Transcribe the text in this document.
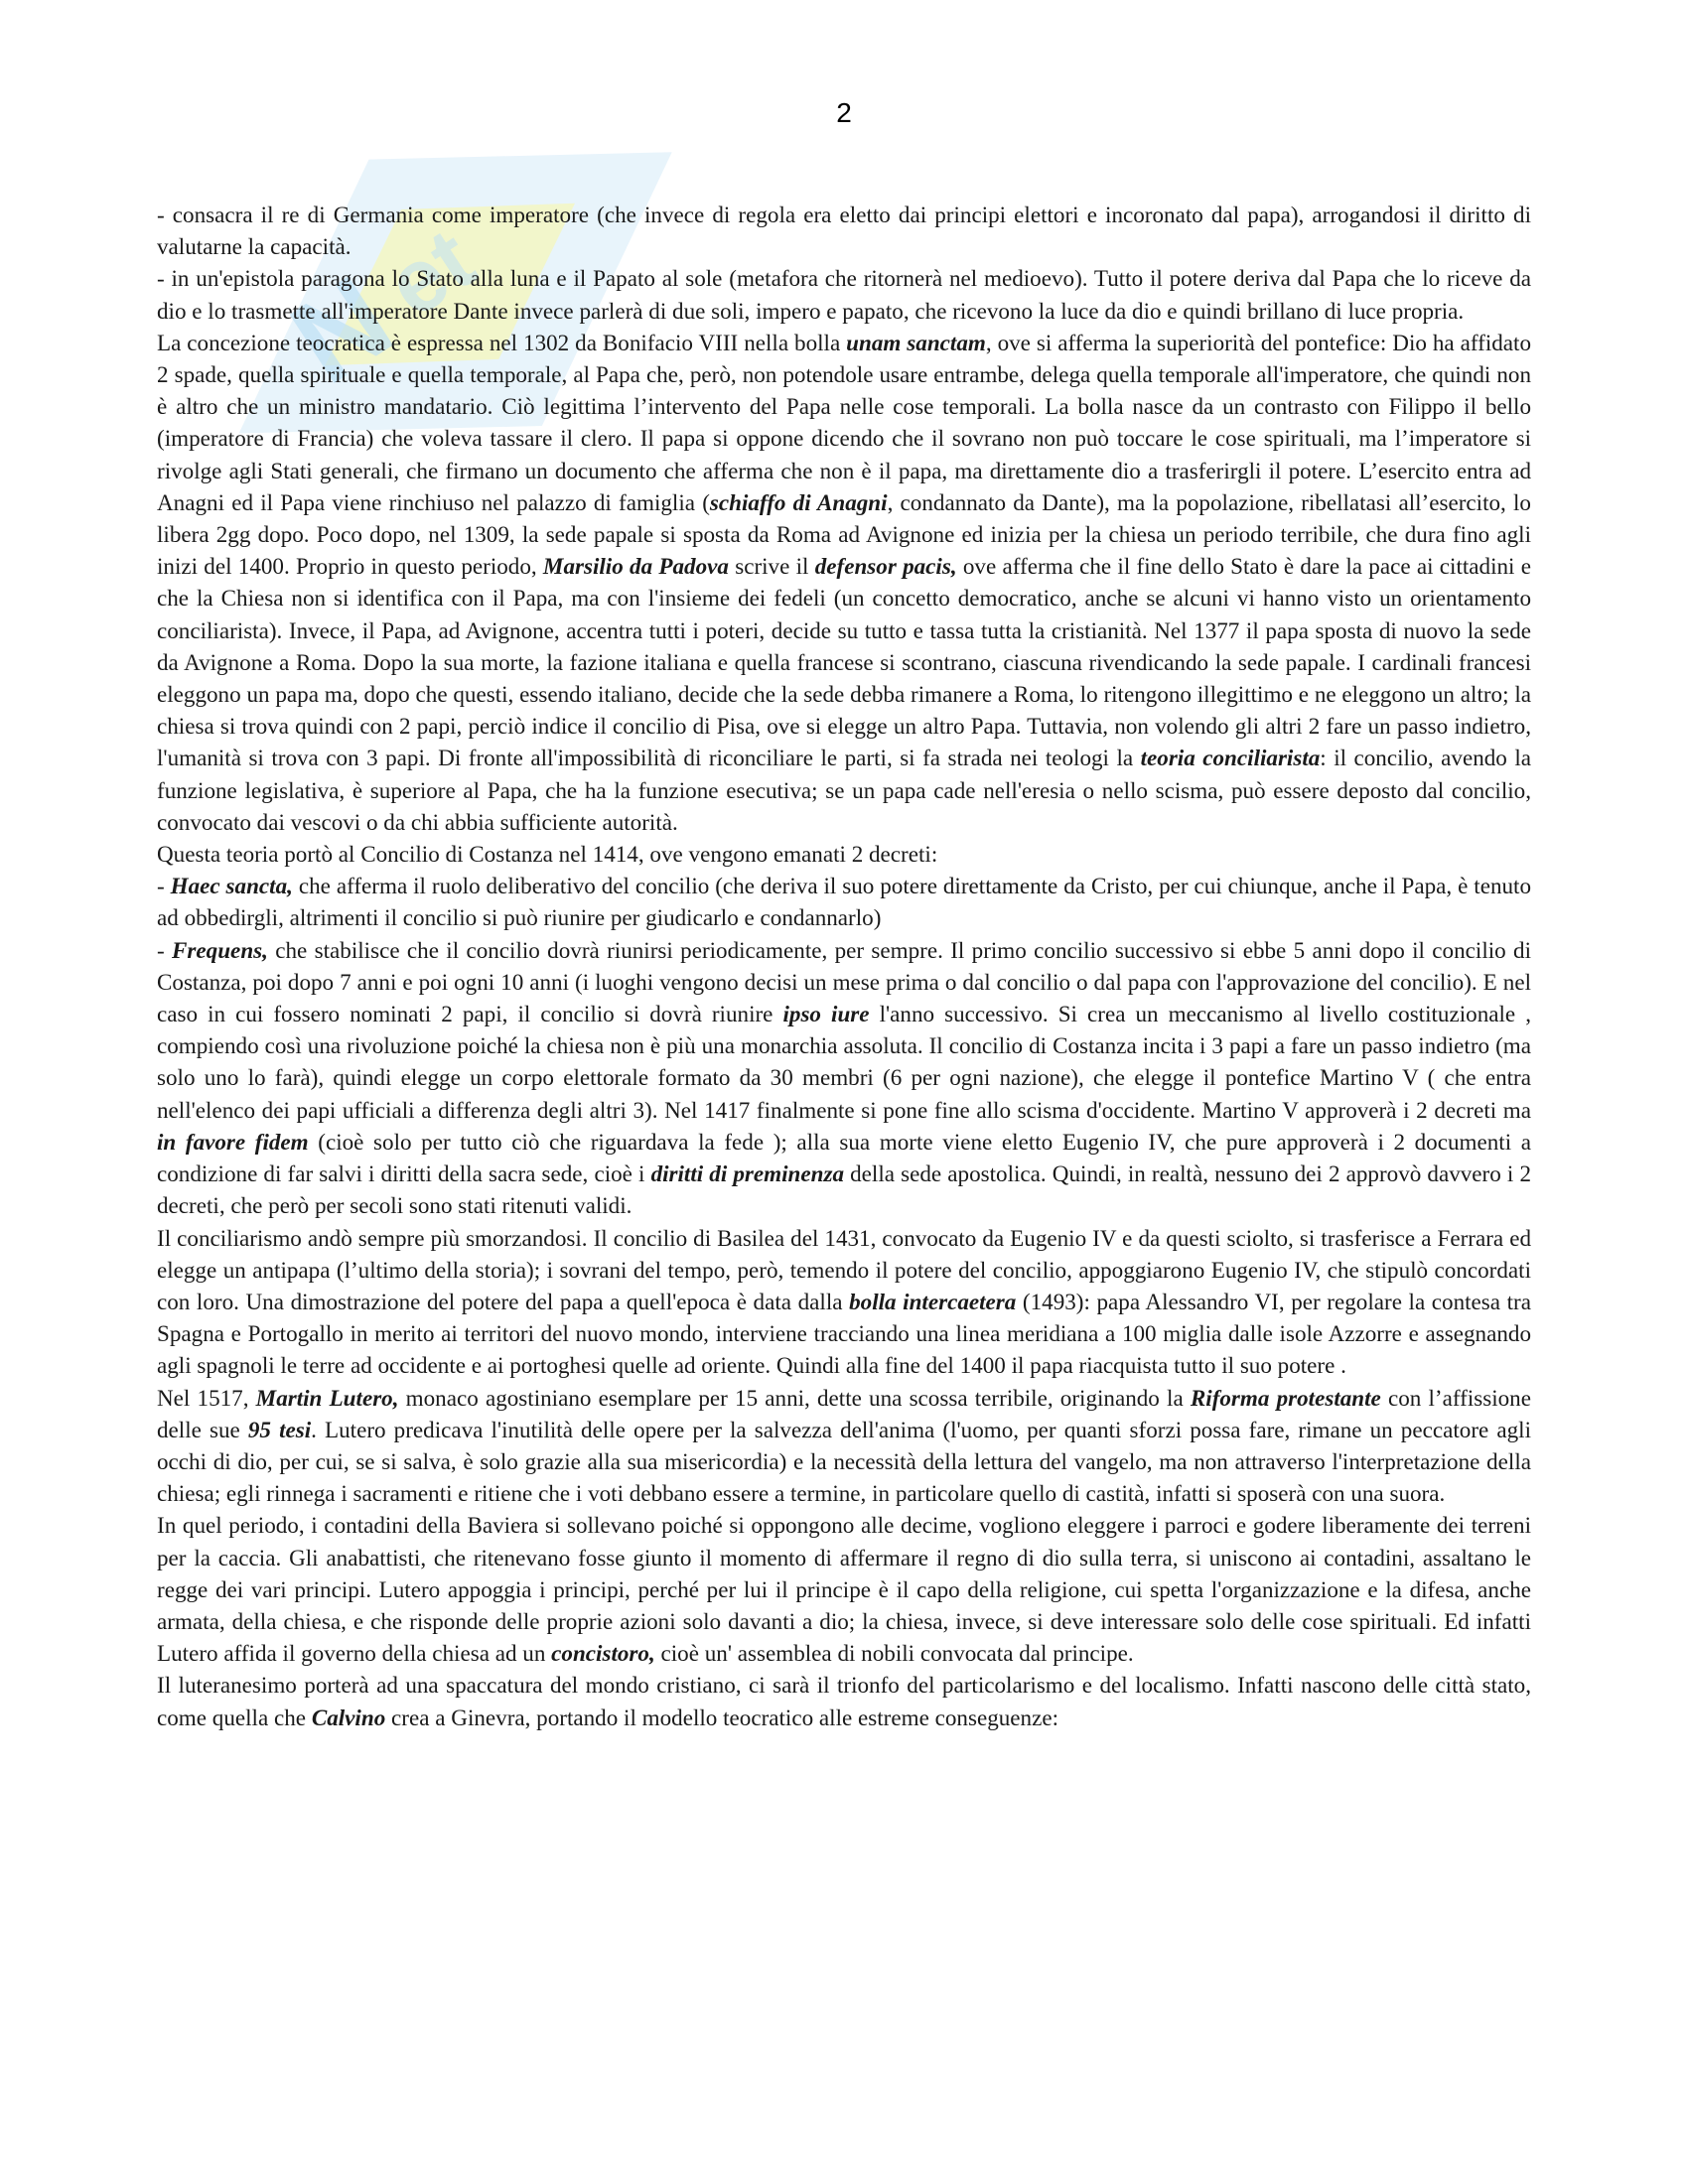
N
et
2

- consacra il re di Germania come imperatore (che invece di regola era eletto dai principi elettori e incoronato dal papa), arrogandosi il diritto di valutarne la capacità.

- in un'epistola paragona lo Stato alla luna e il Papato al sole (metafora che ritornerà nel medioevo). Tutto il potere deriva dal Papa che lo riceve da dio e lo trasmette all'imperatore Dante invece parlerà di due soli, impero e papato, che ricevono la luce da dio e quindi brillano di luce propria.

La concezione teocratica è espressa nel 1302 da Bonifacio VIII nella bolla unam sanctam, ove si afferma la superiorità del pontefice: Dio ha affidato 2 spade, quella spirituale e quella temporale, al Papa che, però, non potendole usare entrambe, delega quella temporale all'imperatore, che quindi non è altro che un ministro mandatario. Ciò legittima l’intervento del Papa nelle cose temporali. La bolla nasce da un contrasto con Filippo il bello (imperatore di Francia) che voleva tassare il clero. Il papa si oppone dicendo che il sovrano non può toccare le cose spirituali, ma l’imperatore si rivolge agli Stati generali, che firmano un documento che afferma che non è il papa, ma direttamente dio a trasferirgli il potere. L’esercito entra ad Anagni ed il Papa viene rinchiuso nel palazzo di famiglia (schiaffo di Anagni, condannato da Dante), ma la popolazione, ribellatasi all’esercito, lo libera 2gg dopo. Poco dopo, nel 1309, la sede papale si sposta da Roma ad Avignone ed inizia per la chiesa un periodo terribile, che dura fino agli inizi del 1400. Proprio in questo periodo, Marsilio da Padova scrive il defensor pacis, ove afferma che il fine dello Stato è dare la pace ai cittadini e che la Chiesa non si identifica con il Papa, ma con l'insieme dei fedeli (un concetto democratico, anche se alcuni vi hanno visto un orientamento conciliarista). Invece, il Papa, ad Avignone, accentra tutti i poteri, decide su tutto e tassa tutta la cristianità. Nel 1377 il papa sposta di nuovo la sede da Avignone a Roma. Dopo la sua morte, la fazione italiana e quella francese si scontrano, ciascuna rivendicando la sede papale. I cardinali francesi eleggono un papa ma, dopo che questi, essendo italiano, decide che la sede debba rimanere a Roma, lo ritengono illegittimo e ne eleggono un altro; la chiesa si trova quindi con 2 papi, perciò indice il concilio di Pisa, ove si elegge un altro Papa. Tuttavia, non volendo gli altri 2 fare un passo indietro, l'umanità si trova con 3 papi. Di fronte all'impossibilità di riconciliare le parti, si fa strada nei teologi la teoria conciliarista: il concilio, avendo la funzione legislativa, è superiore al Papa, che ha la funzione esecutiva; se un papa cade nell'eresia o nello scisma, può essere deposto dal concilio, convocato dai vescovi o da chi abbia sufficiente autorità.

Questa teoria portò al Concilio di Costanza nel 1414, ove vengono emanati 2 decreti:

- Haec sancta, che afferma il ruolo deliberativo del concilio (che deriva il suo potere direttamente da Cristo, per cui chiunque, anche il Papa, è tenuto ad obbedirgli, altrimenti il concilio si può riunire per giudicarlo e condannarlo)

- Frequens, che stabilisce che il concilio dovrà riunirsi periodicamente, per sempre. Il primo concilio successivo si ebbe 5 anni dopo il concilio di Costanza, poi dopo 7 anni e poi ogni 10 anni (i luoghi vengono decisi un mese prima o dal concilio o dal papa con l'approvazione del concilio). E nel caso in cui fossero nominati 2 papi, il concilio si dovrà riunire ipso iure l'anno successivo. Si crea un meccanismo al livello costituzionale , compiendo così una rivoluzione poiché la chiesa non è più una monarchia assoluta. Il concilio di Costanza incita i 3 papi a fare un passo indietro (ma solo uno lo farà), quindi elegge un corpo elettorale formato da 30 membri (6 per ogni nazione), che elegge il pontefice Martino V ( che entra nell'elenco dei papi ufficiali a differenza degli altri 3). Nel 1417 finalmente si pone fine allo scisma d'occidente. Martino V approverà i 2 decreti ma in favore fidem (cioè solo per tutto ciò che riguardava la fede ); alla sua morte viene eletto Eugenio IV, che pure approverà i 2 documenti a condizione di far salvi i diritti della sacra sede, cioè i diritti di preminenza della sede apostolica. Quindi, in realtà, nessuno dei 2 approvò davvero i 2 decreti, che però per secoli sono stati ritenuti validi.

Il conciliarismo andò sempre più smorzandosi. Il concilio di Basilea del 1431, convocato da Eugenio IV e da questi sciolto, si trasferisce a Ferrara ed elegge un antipapa (l’ultimo della storia); i sovrani del tempo, però, temendo il potere del concilio, appoggiarono Eugenio IV, che stipulò concordati con loro. Una dimostrazione del potere del papa a quell'epoca è data dalla bolla intercaetera (1493): papa Alessandro VI, per regolare la contesa tra Spagna e Portogallo in merito ai territori del nuovo mondo, interviene tracciando una linea meridiana a 100 miglia dalle isole Azzorre e assegnando agli spagnoli le terre ad occidente e ai portoghesi quelle ad oriente. Quindi alla fine del 1400 il papa riacquista tutto il suo potere .

Nel 1517, Martin Lutero, monaco agostiniano esemplare per 15 anni, dette una scossa terribile, originando la Riforma protestante con l’affissione delle sue 95 tesi. Lutero predicava l'inutilità delle opere per la salvezza dell'anima (l'uomo, per quanti sforzi possa fare, rimane un peccatore agli occhi di dio, per cui, se si salva, è solo grazie alla sua misericordia) e la necessità della lettura del vangelo, ma non attraverso l'interpretazione della chiesa; egli rinnega i sacramenti e ritiene che i voti debbano essere a termine, in particolare quello di castità, infatti si sposerà con una suora.

In quel periodo, i contadini della Baviera si sollevano poiché si oppongono alle decime, vogliono eleggere i parroci e godere liberamente dei terreni per la caccia. Gli anabattisti, che ritenevano fosse giunto il momento di affermare il regno di dio sulla terra, si uniscono ai contadini, assaltano le regge dei vari principi. Lutero appoggia i principi, perché per lui il principe è il capo della religione, cui spetta l'organizzazione e la difesa, anche armata, della chiesa, e che risponde delle proprie azioni solo davanti a dio; la chiesa, invece, si deve interessare solo delle cose spirituali. Ed infatti Lutero affida il governo della chiesa ad un concistoro, cioè un' assemblea di nobili convocata dal principe.

Il luteranesimo porterà ad una spaccatura del mondo cristiano, ci sarà il trionfo del particolarismo e del localismo. Infatti nascono delle città stato, come quella che Calvino crea a Ginevra, portando il modello teocratico alle estreme conseguenze:
